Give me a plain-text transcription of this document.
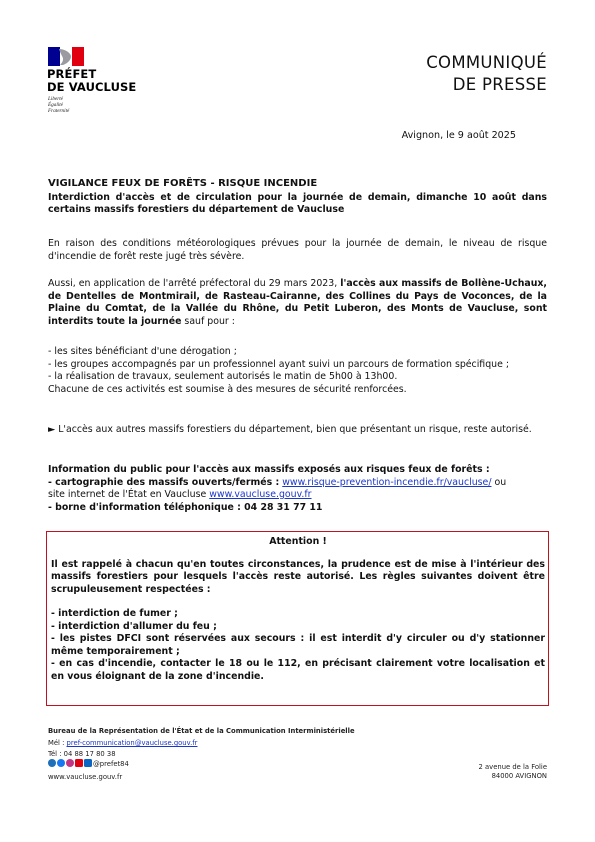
PRÉFET
DE VAUCLUSE
Liberté
Égalité
Fraternité
COMMUNIQUÉ
DE PRESSE
Avignon, le 9 août 2025
VIGILANCE FEUX DE FORÊTS - RISQUE INCENDIE
Interdiction d'accès et de circulation pour la journée de demain, dimanche 10 août dans certains massifs forestiers du département de Vaucluse
En raison des conditions météorologiques prévues pour la journée de demain, le niveau de risque d'incendie de forêt reste jugé très sévère.
Aussi, en application de l'arrêté préfectoral du 29 mars 2023, l'accès aux massifs de Bollène-Uchaux, de Dentelles de Montmirail, de Rasteau-Cairanne, des Collines du Pays de Voconces, de la Plaine du Comtat, de la Vallée du Rhône, du Petit Luberon, des Monts de Vaucluse, sont interdits toute la journée sauf pour :
- les sites bénéficiant d'une dérogation ;
- les groupes accompagnés par un professionnel ayant suivi un parcours de formation spécifique ;
- la réalisation de travaux, seulement autorisés le matin de 5h00 à 13h00.
Chacune de ces activités est soumise à des mesures de sécurité renforcées.
► L'accès aux autres massifs forestiers du département, bien que présentant un risque, reste autorisé.
Information du public pour l'accès aux massifs exposés aux risques feux de forêts :
- cartographie des massifs ouverts/fermés : www.risque-prevention-incendie.fr/vaucluse/ ou
site internet de l'État en Vaucluse www.vaucluse.gouv.fr
- borne d'information téléphonique : 04 28 31 77 11
Attention !
Il est rappelé à chacun qu'en toutes circonstances, la prudence est de mise à l'intérieur des massifs forestiers pour lesquels l'accès reste autorisé. Les règles suivantes doivent être scrupuleusement respectées :
- interdiction de fumer ;
- interdiction d'allumer du feu ;
- les pistes DFCI sont réservées aux secours : il est interdit d'y circuler ou d'y stationner même temporairement ;
- en cas d'incendie, contacter le 18 ou le 112, en précisant clairement votre localisation et en vous éloignant de la zone d'incendie.
Bureau de la Représentation de l'État et de la Communication Interministérielle
Mél : pref-communication@vaucluse.gouv.fr
Tél : 04 88 17 80 38
@prefet84
www.vaucluse.gouv.fr
2 avenue de la Folie
84000 AVIGNON
